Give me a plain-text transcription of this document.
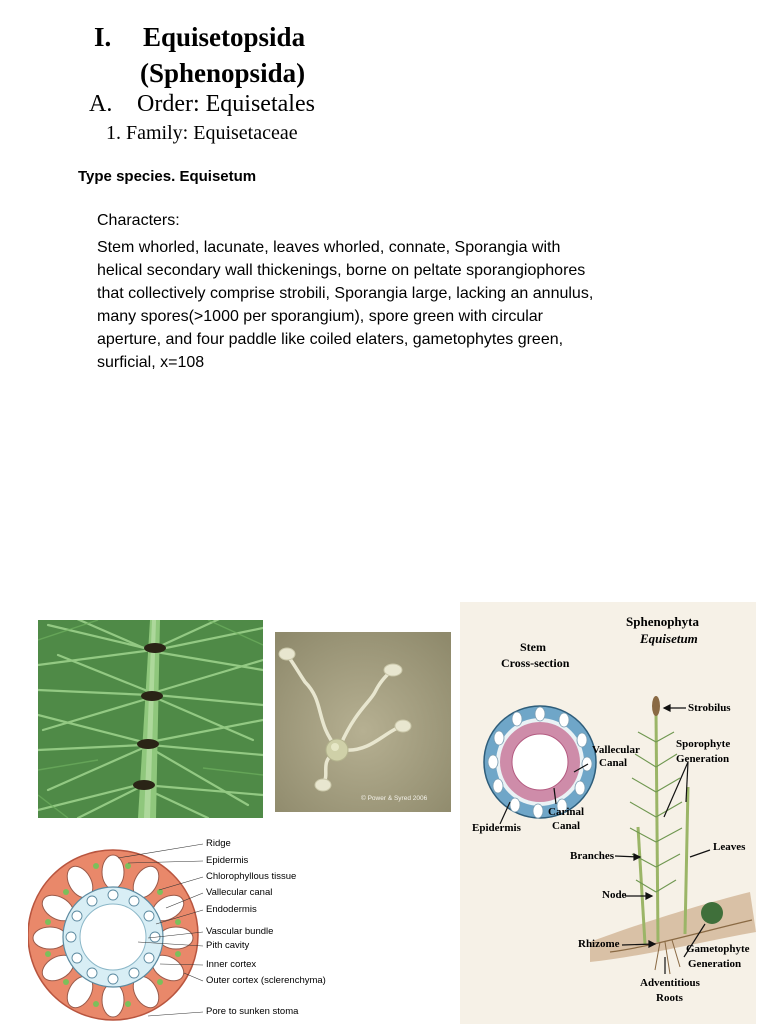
I. Equisetopsida
(Sphenopsida)
A. Order: Equisetales
1. Family: Equisetaceae
Type species. Equisetum
Characters:
Stem whorled, lacunate, leaves whorled, connate, Sporangia with
helical secondary wall thickenings, borne on peltate sporangiophores
that collectively comprise strobili, Sporangia large, lacking an annulus,
many spores(>1000 per sporangium), spore green with circular
aperture, and four paddle like coiled elaters, gametophytes green,
surficial, x=108
© Power & Syred 2006
Ridge
Epidermis
Chlorophyllous tissue
Vallecular canal
Endodermis
Vascular bundle
Pith cavity
Inner cortex
Outer cortex (sclerenchyma)
Pore to sunken stoma
Sphenophyta
Equisetum
Stem
Cross-section
Vallecular
Canal
Carinal
Canal
Epidermis
Strobilus
Sporophyte
Generation
Leaves
Branches
Node
Rhizome	Gametophyte
Generation
Adventitious
Roots
